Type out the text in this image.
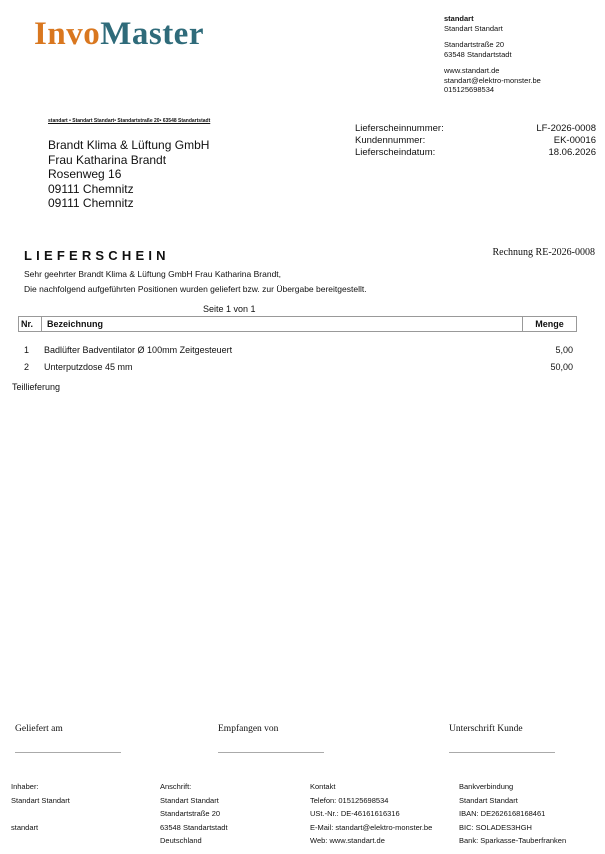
InvoMaster	standart
Standart Standart
Standartstraße 20
63548 Standartstadt
www.standart.de
standart@elektro-monster.be
015125698534
standart • Standart Standart• Standartstraße 20• 63548 Standartstadt
Brandt Klima & Lüftung GmbH
Frau Katharina Brandt
Rosenweg 16
09111 Chemnitz
09111 Chemnitz
Lieferscheinnummer:	LF-2026-0008
Kundennummer:	EK-00016
Lieferscheindatum:	18.06.2026
LIEFERSCHEIN	Rechnung RE-2026-0008
Sehr geehrter Brandt Klima & Lüftung GmbH Frau Katharina Brandt,
Die nachfolgend aufgeführten Positionen wurden geliefert bzw. zur Übergabe bereitgestellt.
Seite 1 von 1
Nr.	Bezeichnung	Menge
1	Badlüfter Badventilator Ø 100mm Zeitgesteuert	5,00
2	Unterputzdose 45 mm	50,00
Teillieferung
Geliefert am	Empfangen von	Unterschrift Kunde
Inhaber:
Standart Standart
standart
Anschrift:
Standart Standart
Standartstraße 20
63548 Standartstadt
Deutschland
Kontakt
Telefon: 015125698534
USt.-Nr.: DE-46161616316
E-Mail: standart@elektro-monster.be
Web: www.standart.de
Bankverbindung
Standart Standart
IBAN: DE2626168168461
BIC: SOLADES3HGH
Bank: Sparkasse-Tauberfranken
